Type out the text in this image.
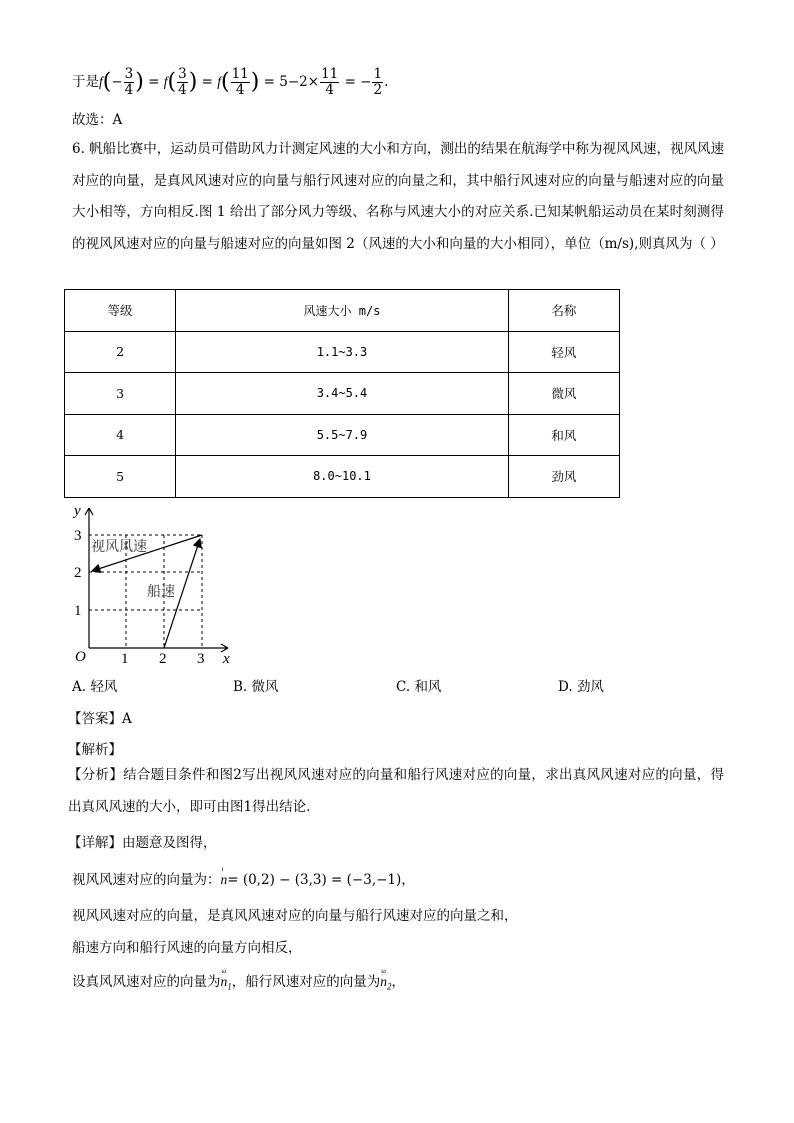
于是$f(- \frac{3}{4}$ ) = $f( \frac{3}{4}$ ) = $f( \frac{11}{4}$ ) = $5-2\times \frac{11}{4}$ = − $\frac{1}{2}$ .
故选：A
6. 帆船比赛中，运动员可借助风力计测定风速的大小和方向，测出的结果在航海学中称为视风风速，视风风速对应的向量，是真风风速对应的向量与船行风速对应的向量之和，其中船行风速对应的向量与船速对应的向量大小相等，方向相反.图 1 给出了部分风力等级、名称与风速大小的对应关系.已知某帆船运动员在某时刻测得的视风风速对应的向量与船速对应的向量如图 2（风速的大小和向量的大小相同），单位（m/s),则真风为（ ）
等级	风速大小 m/s	名称
2	1.1~3.3	轻风
3	3.4~5.4	微风
4	5.5~7.9	和风
5	8.0~10.1	劲风
y
x
O 1 2 3
1
2
3
视风风速
船速
A. 轻风	B. 微风	C. 和风	D. 劲风
【答案】A
【解析】
【分析】结合题目条件和图2写出视风风速对应的向量和船行风速对应的向量，求出真风风速对应的向量，得出真风风速的大小，即可由图1得出结论.
【详解】由题意及图得，
视风风速对应的向量为：
ı
n= (0,2) − (3,3) = (−3,−1)，
视风风速对应的向量，是真风风速对应的向量与船行风速对应的向量之和，
船速方向和船行风速的向量方向相反，
设真风风速对应的向量为
ω
$n_1$，船行风速对应的向量为
ω
$n_2$，
